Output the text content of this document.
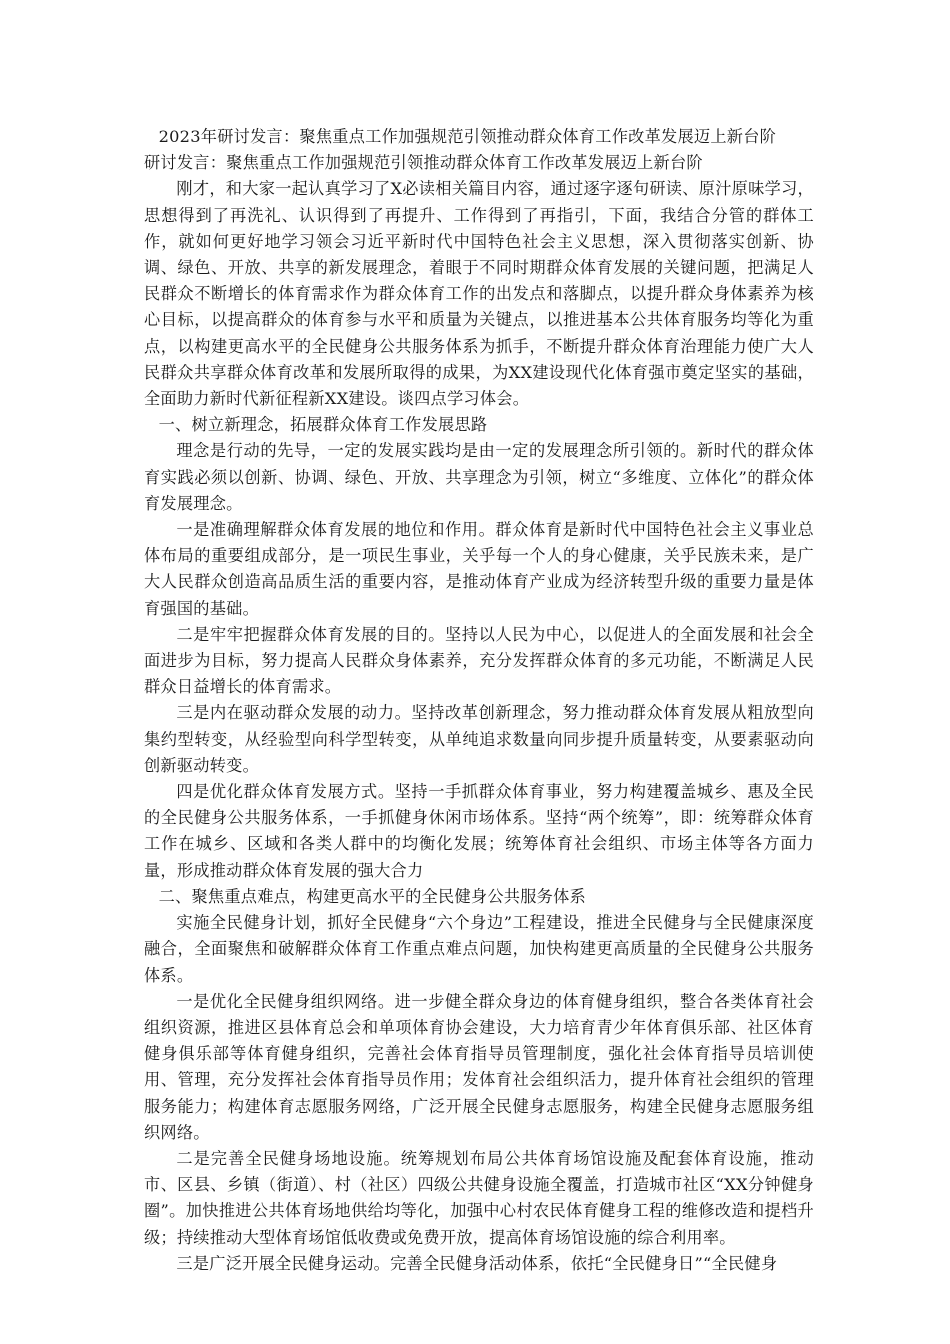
2023年研讨发言：聚焦重点工作加强规范引领推动群众体育工作改革发展迈上新台阶

研讨发言：聚焦重点工作加强规范引领推动群众体育工作改革发展迈上新台阶

刚才，和大家一起认真学习了X必读相关篇目内容，通过逐字逐句研读、原汁原味学习，思想得到了再洗礼、认识得到了再提升、工作得到了再指引，下面，我结合分管的群体工作，就如何更好地学习领会习近平新时代中国特色社会主义思想，深入贯彻落实创新、协调、绿色、开放、共享的新发展理念，着眼于不同时期群众体育发展的关键问题，把满足人民群众不断增长的体育需求作为群众体育工作的出发点和落脚点，以提升群众身体素养为核心目标，以提高群众的体育参与水平和质量为关键点，以推进基本公共体育服务均等化为重点，以构建更高水平的全民健身公共服务体系为抓手，不断提升群众体育治理能力使广大人民群众共享群众体育改革和发展所取得的成果，为XX建设现代化体育强市奠定坚实的基础，全面助力新时代新征程新XX建设。谈四点学习体会。

一、树立新理念，拓展群众体育工作发展思路

理念是行动的先导，一定的发展实践均是由一定的发展理念所引领的。新时代的群众体育实践必须以创新、协调、绿色、开放、共享理念为引领，树立“多维度、立体化”的群众体育发展理念。

一是准确理解群众体育发展的地位和作用。群众体育是新时代中国特色社会主义事业总体布局的重要组成部分，是一项民生事业，关乎每一个人的身心健康，关乎民族未来，是广大人民群众创造高品质生活的重要内容，是推动体育产业成为经济转型升级的重要力量是体育强国的基础。

二是牢牢把握群众体育发展的目的。坚持以人民为中心，以促进人的全面发展和社会全面进步为目标，努力提高人民群众身体素养，充分发挥群众体育的多元功能，不断满足人民群众日益增长的体育需求。

三是内在驱动群众发展的动力。坚持改革创新理念，努力推动群众体育发展从粗放型向集约型转变，从经验型向科学型转变，从单纯追求数量向同步提升质量转变，从要素驱动向创新驱动转变。

四是优化群众体育发展方式。坚持一手抓群众体育事业，努力构建覆盖城乡、惠及全民的全民健身公共服务体系，一手抓健身休闲市场体系。坚持“两个统筹”，即：统筹群众体育工作在城乡、区域和各类人群中的均衡化发展；统筹体育社会组织、市场主体等各方面力量，形成推动群众体育发展的强大合力

二、聚焦重点难点，构建更高水平的全民健身公共服务体系

实施全民健身计划，抓好全民健身“六个身边”工程建设，推进全民健身与全民健康深度融合，全面聚焦和破解群众体育工作重点难点问题，加快构建更高质量的全民健身公共服务体系。

一是优化全民健身组织网络。进一步健全群众身边的体育健身组织，整合各类体育社会组织资源，推进区县体育总会和单项体育协会建设，大力培育青少年体育俱乐部、社区体育健身俱乐部等体育健身组织，完善社会体育指导员管理制度，强化社会体育指导员培训使用、管理，充分发挥社会体育指导员作用；发体育社会组织活力，提升体育社会组织的管理服务能力；构建体育志愿服务网络，广泛开展全民健身志愿服务，构建全民健身志愿服务组织网络。

二是完善全民健身场地设施。统筹规划布局公共体育场馆设施及配套体育设施，推动市、区县、乡镇（街道）、村（社区）四级公共健身设施全覆盖，打造城市社区“XX分钟健身圈”。加快推进公共体育场地供给均等化，加强中心村农民体育健身工程的维修改造和提档升级；持续推动大型体育场馆低收费或免费开放，提高体育场馆设施的综合利用率。

三是广泛开展全民健身运动。完善全民健身活动体系，依托“全民健身日”“全民健身
